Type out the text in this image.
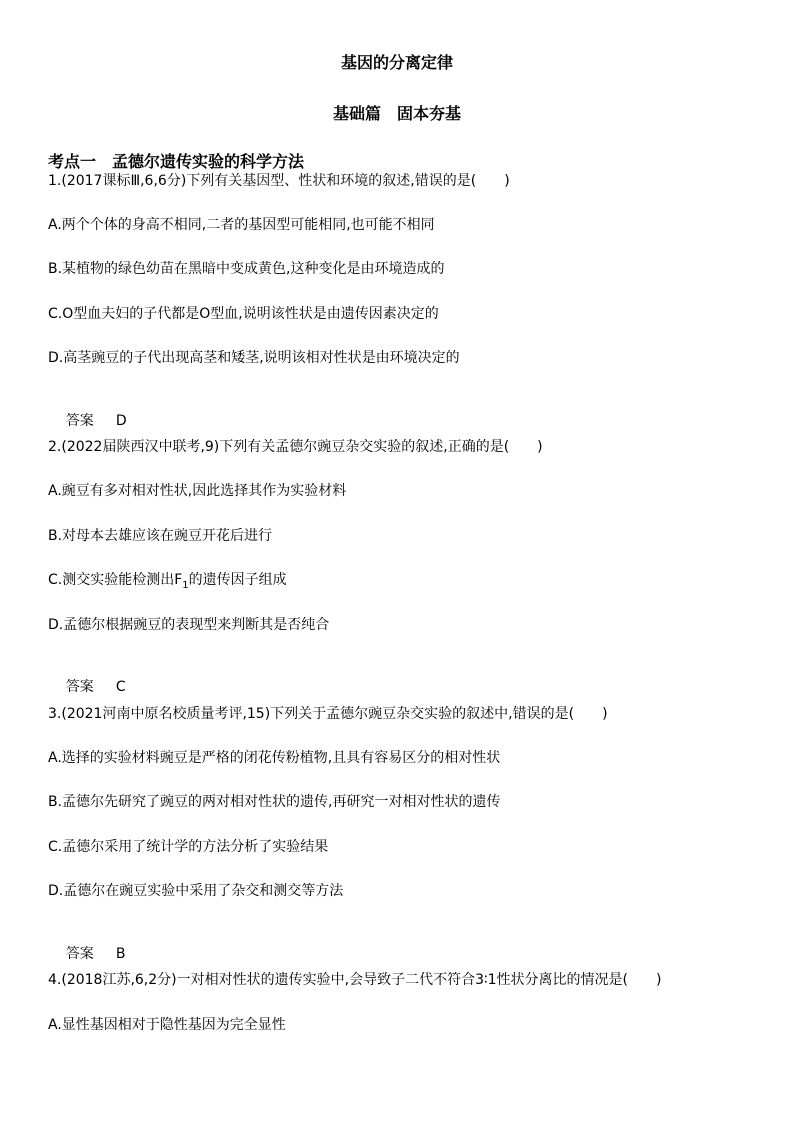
基因的分离定律
基础篇　固本夯基
考点一　孟德尔遗传实验的科学方法
1.(2017课标Ⅲ,6,6分)下列有关基因型、性状和环境的叙述,错误的是(　　)
A.两个个体的身高不相同,二者的基因型可能相同,也可能不相同
B.某植物的绿色幼苗在黑暗中变成黄色,这种变化是由环境造成的
C.O型血夫妇的子代都是O型血,说明该性状是由遗传因素决定的
D.高茎豌豆的子代出现高茎和矮茎,说明该相对性状是由环境决定的

答案 D

2.(2022届陕西汉中联考,9)下列有关孟德尔豌豆杂交实验的叙述,正确的是(　　)
A.豌豆有多对相对性状,因此选择其作为实验材料
B.对母本去雄应该在豌豆开花后进行
C.测交实验能检测出$F_1$的遗传因子组成
D.孟德尔根据豌豆的表现型来判断其是否纯合

答案 C

3.(2021河南中原名校质量考评,15)下列关于孟德尔豌豆杂交实验的叙述中,错误的是(　　)
A.选择的实验材料豌豆是严格的闭花传粉植物,且具有容易区分的相对性状
B.孟德尔先研究了豌豆的两对相对性状的遗传,再研究一对相对性状的遗传
C.孟德尔采用了统计学的方法分析了实验结果
D.孟德尔在豌豆实验中采用了杂交和测交等方法

答案 B

4.(2018江苏,6,2分)一对相对性状的遗传实验中,会导致子二代不符合3∶1性状分离比的情况是(　　)
A.显性基因相对于隐性基因为完全显性
